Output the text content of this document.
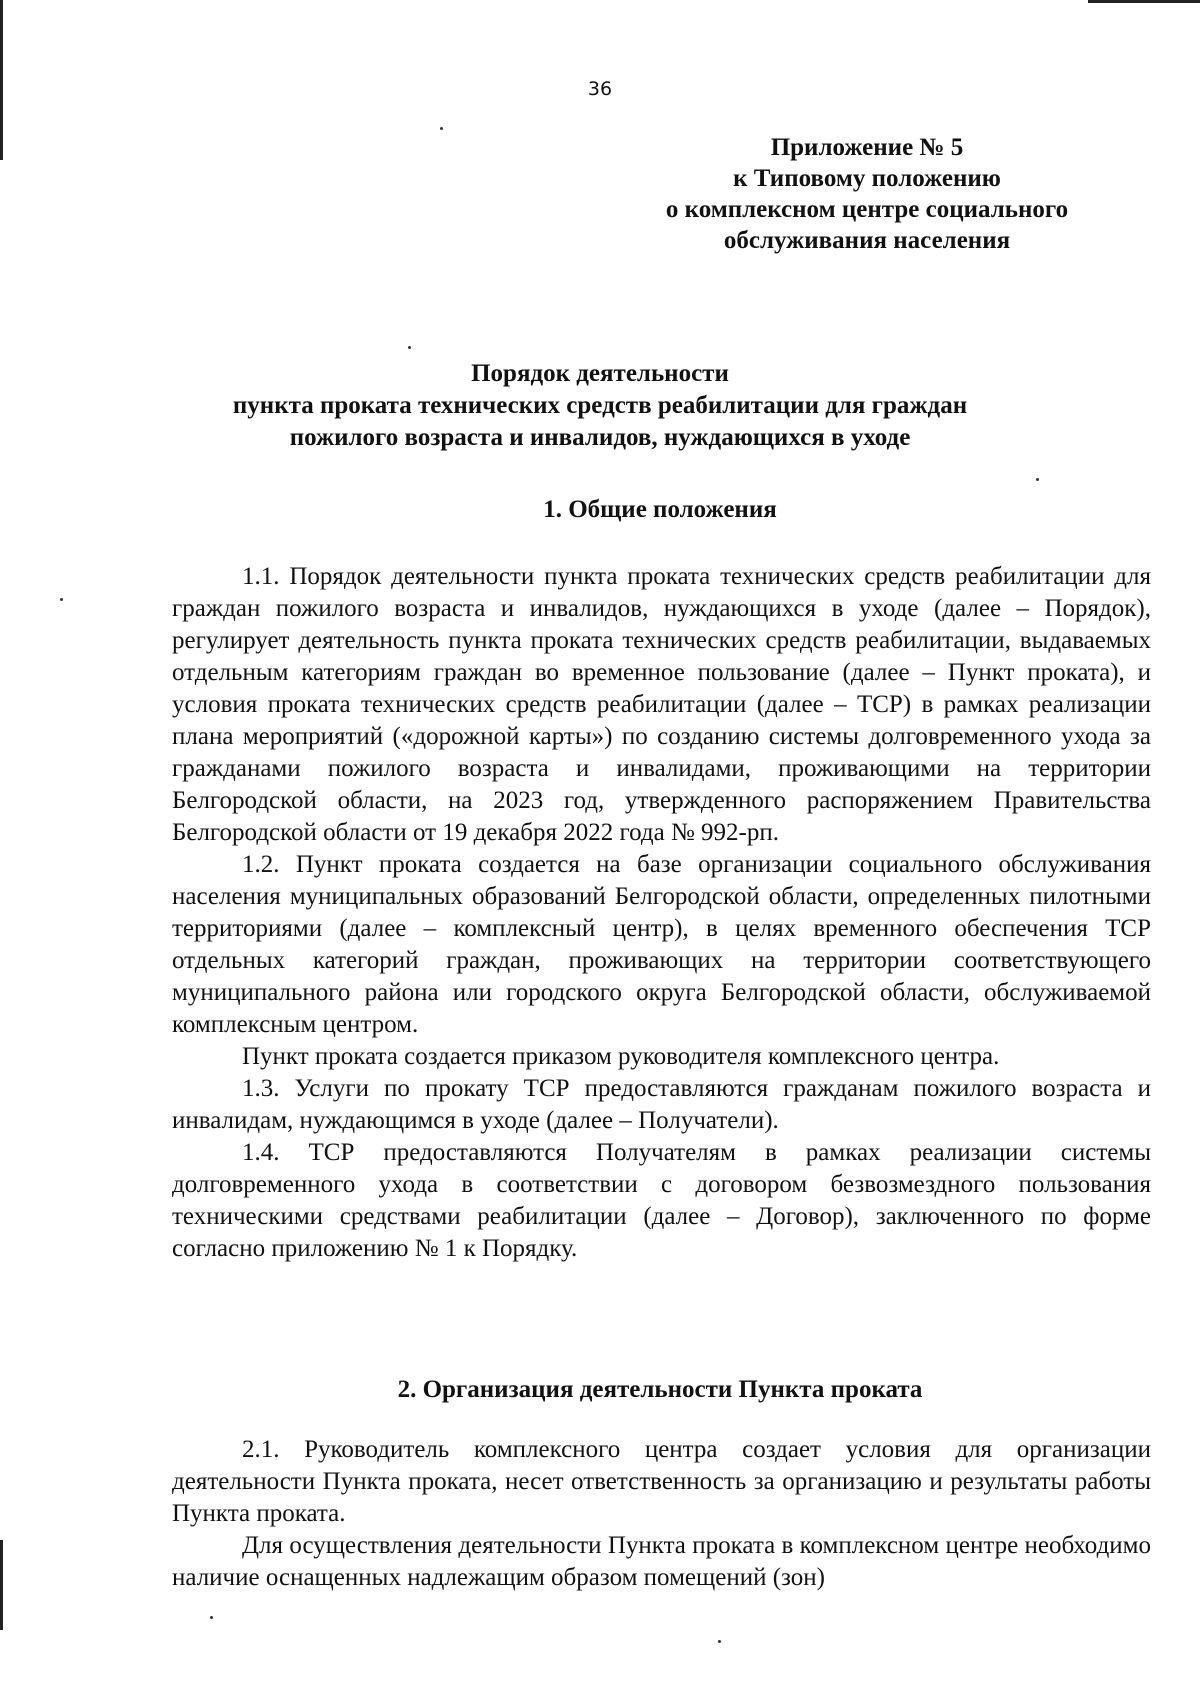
36
Приложение № 5
к Типовому положению
о комплексном центре социального
обслуживания населения
Порядок деятельности
пункта проката технических средств реабилитации для граждан
пожилого возраста и инвалидов, нуждающихся в уходе
1. Общие положения

1.1. Порядок деятельности пункта проката технических средств реабилитации для граждан пожилого возраста и инвалидов, нуждающихся в уходе (далее – Порядок), регулирует деятельность пункта проката технических средств реабилитации, выдаваемых отдельным категориям граждан во временное пользование (далее – Пункт проката), и условия проката технических средств реабилитации (далее – ТСР) в рамках реализации плана мероприятий («дорожной карты») по созданию системы долговременного ухода за гражданами пожилого возраста и инвалидами, проживающими на территории Белгородской области, на 2023 год, утвержденного распоряжением Правительства Белгородской области от 19 декабря 2022 года № 992-рп.

1.2. Пункт проката создается на базе организации социального обслуживания населения муниципальных образований Белгородской области, определенных пилотными территориями (далее – комплексный центр), в целях временного обеспечения ТСР отдельных категорий граждан, проживающих на территории соответствующего муниципального района или городского округа Белгородской области, обслуживаемой комплексным центром.

Пункт проката создается приказом руководителя комплексного центра.

1.3. Услуги по прокату ТСР предоставляются гражданам пожилого возраста и инвалидам, нуждающимся в уходе (далее – Получатели).

1.4. ТСР предоставляются Получателям в рамках реализации системы долговременного ухода в соответствии с договором безвозмездного пользования техническими средствами реабилитации (далее – Договор), заключенного по форме согласно приложению № 1 к Порядку.

2. Организация деятельности Пункта проката

2.1. Руководитель комплексного центра создает условия для организации деятельности Пункта проката, несет ответственность за организацию и результаты работы Пункта проката.

Для осуществления деятельности Пункта проката в комплексном центре необходимо наличие оснащенных надлежащим образом помещений (зон)
